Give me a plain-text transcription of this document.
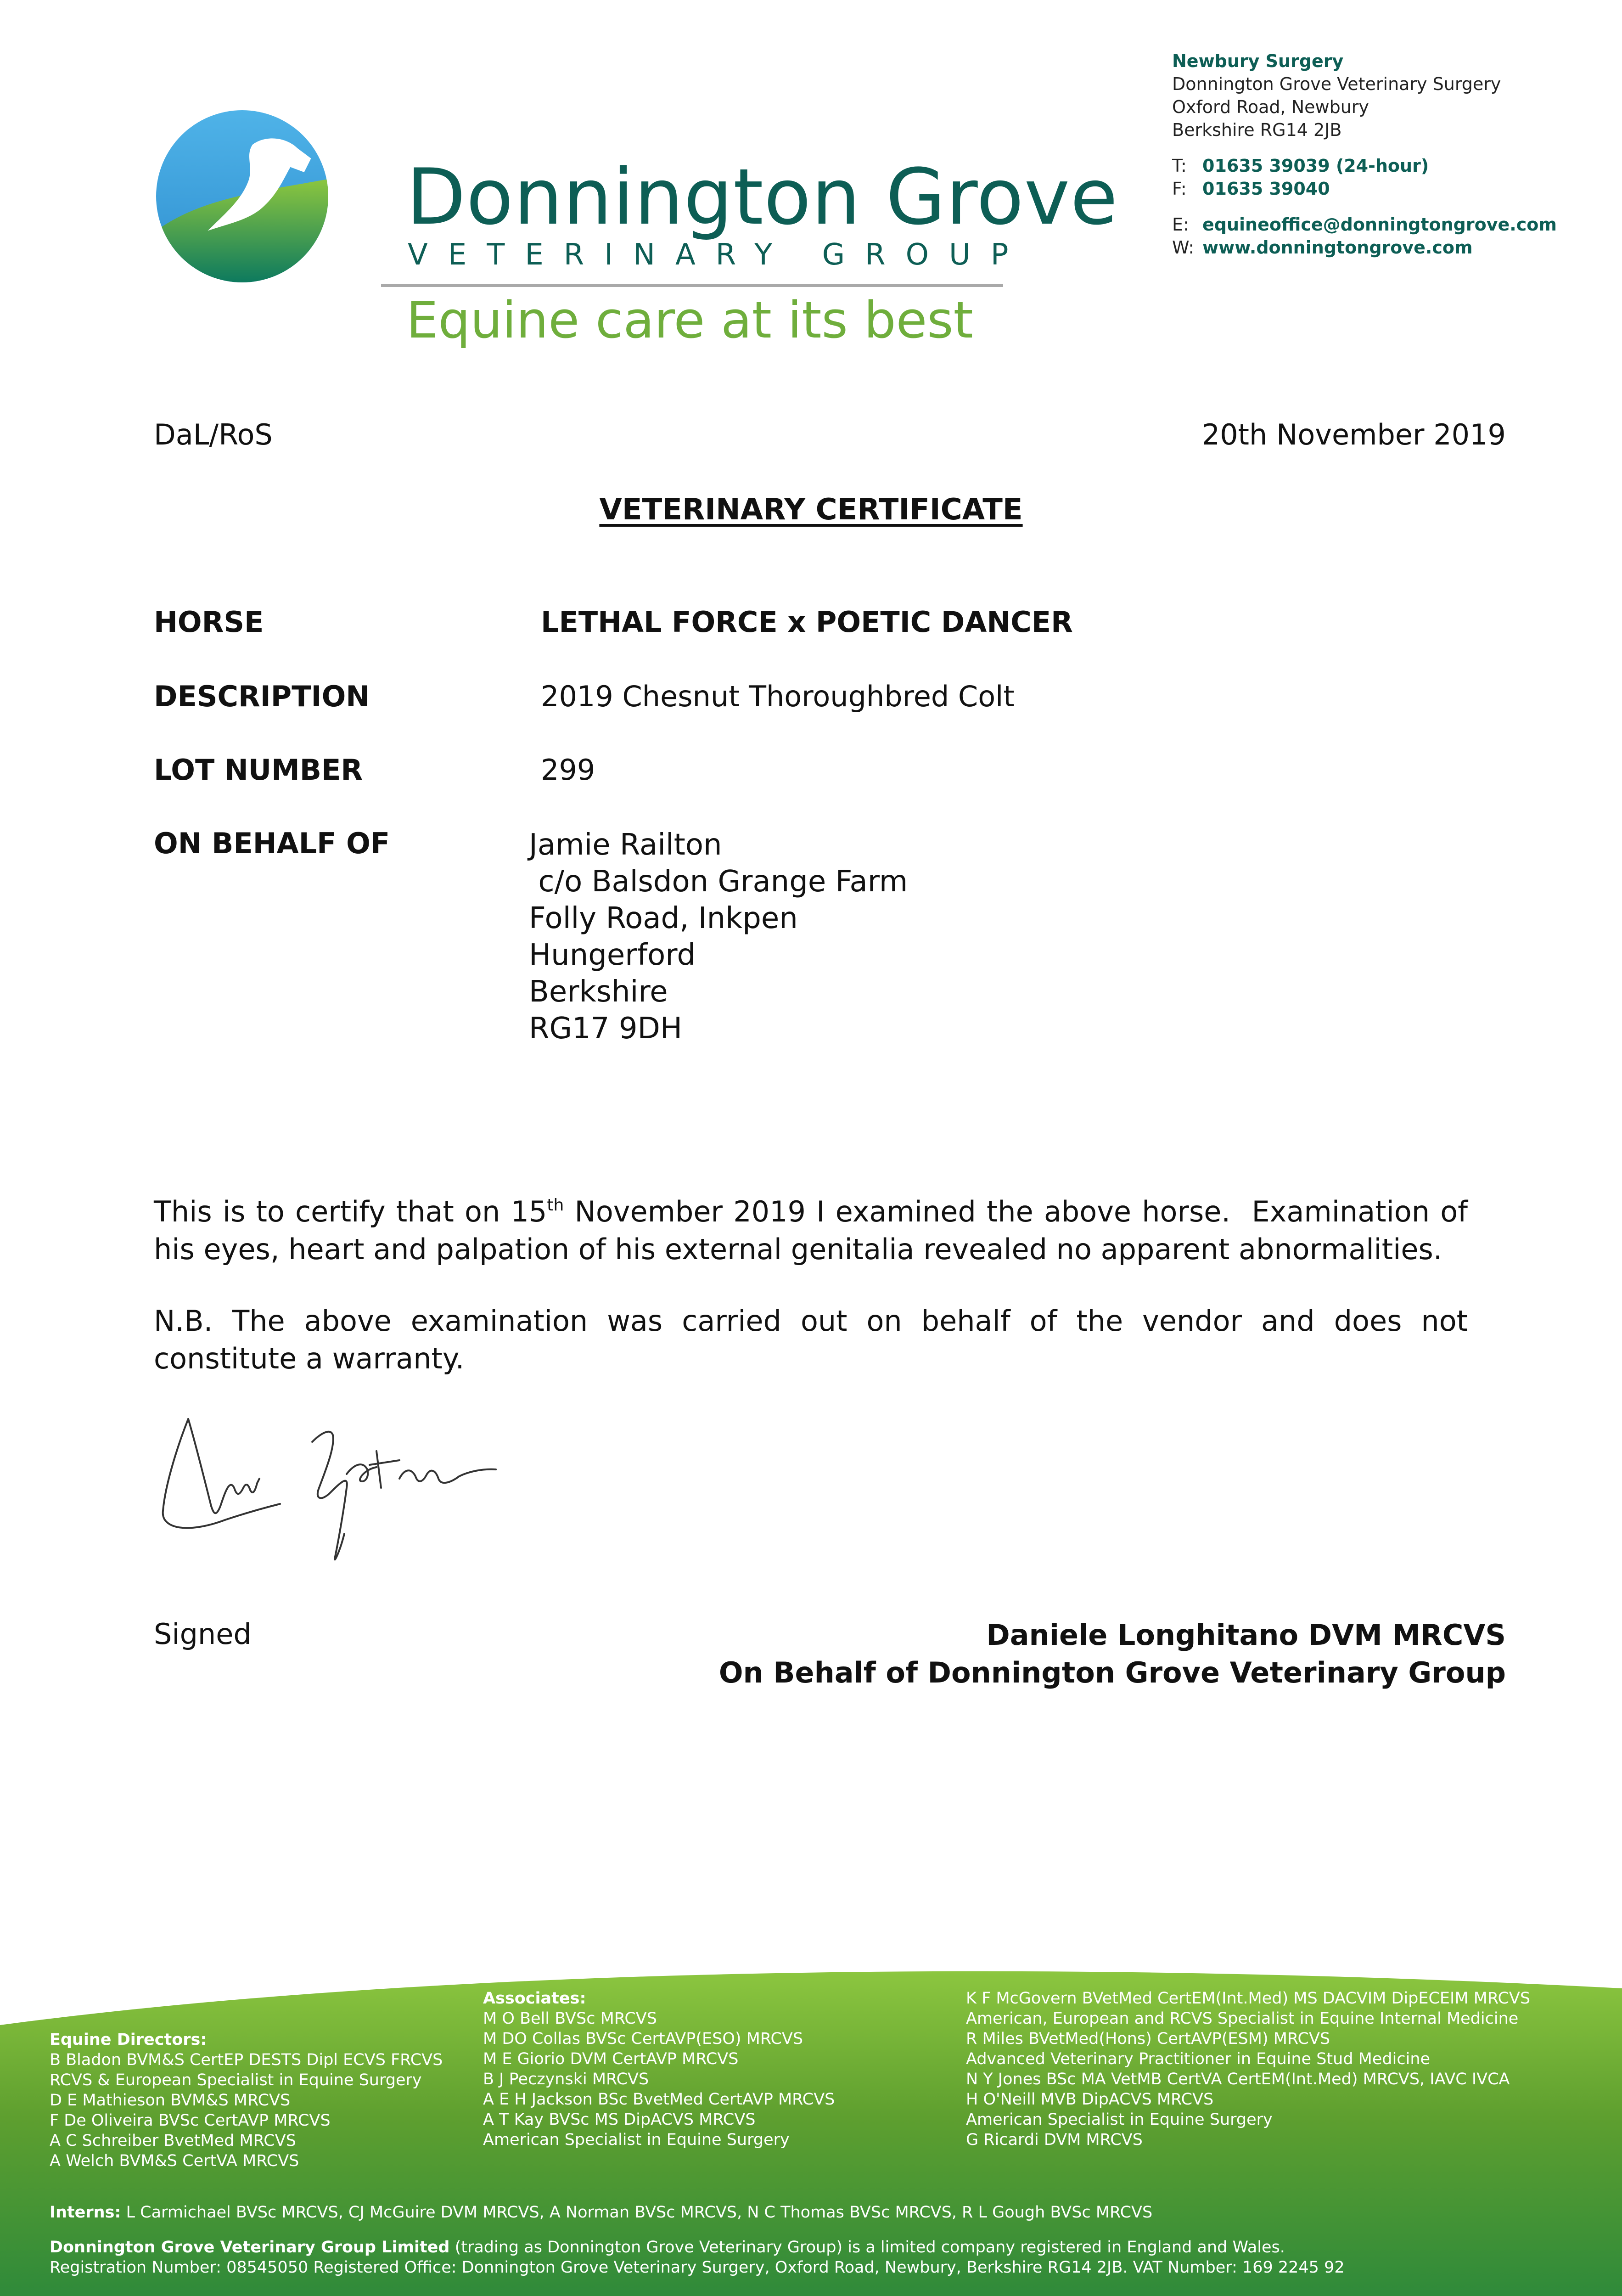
Donnington Grove
VETERINARY GROUP
Equine care at its best
Newbury Surgery
Donnington Grove Veterinary Surgery
Oxford Road, Newbury
Berkshire RG14 2JB
T: 01635 39039 (24-hour)
F: 01635 39040
E: equineoffice@donningtongrove.com
W: www.donningtongrove.com
DaL/RoS	20th November 2019
VETERINARY CERTIFICATE
HORSE	LETHAL FORCE x POETIC DANCER
DESCRIPTION	2019 Chesnut Thoroughbred Colt
LOT NUMBER	299
ON BEHALF OF	Jamie Railton
c/o Balsdon Grange Farm
Folly Road, Inkpen
Hungerford
Berkshire
RG17 9DH
This is to certify that on 15th November 2019 I examined the above horse.  Examination of his eyes, heart and palpation of his external genitalia revealed no apparent abnormalities.
N.B. The above examination was carried out on behalf of the vendor and does not constitute a warranty.
Signed	Daniele Longhitano DVM MRCVS
On Behalf of Donnington Grove Veterinary Group
Equine Directors:
B Bladon BVM&S CertEP DESTS Dipl ECVS FRCVS
RCVS & European Specialist in Equine Surgery
D E Mathieson BVM&S MRCVS
F De Oliveira BVSc CertAVP MRCVS
A C Schreiber BvetMed MRCVS
A Welch BVM&S CertVA MRCVS
Associates:
M O Bell BVSc MRCVS
M DO Collas BVSc CertAVP(ESO) MRCVS
M E Giorio DVM CertAVP MRCVS
B J Peczynski MRCVS
A E H Jackson BSc BvetMed CertAVP MRCVS
A T Kay BVSc MS DipACVS MRCVS
American Specialist in Equine Surgery
K F McGovern BVetMed CertEM(Int.Med) MS DACVIM DipECEIM MRCVS
American, European and RCVS Specialist in Equine Internal Medicine
R Miles BVetMed(Hons) CertAVP(ESM) MRCVS
Advanced Veterinary Practitioner in Equine Stud Medicine
N Y Jones BSc MA VetMB CertVA CertEM(Int.Med) MRCVS, IAVC IVCA
H O'Neill MVB DipACVS MRCVS
American Specialist in Equine Surgery
G Ricardi DVM MRCVS
Interns: L Carmichael BVSc MRCVS, CJ McGuire DVM MRCVS, A Norman BVSc MRCVS, N C Thomas BVSc MRCVS, R L Gough BVSc MRCVS
Donnington Grove Veterinary Group Limited (trading as Donnington Grove Veterinary Group) is a limited company registered in England and Wales.
Registration Number: 08545050 Registered Office: Donnington Grove Veterinary Surgery, Oxford Road, Newbury, Berkshire RG14 2JB. VAT Number: 169 2245 92
